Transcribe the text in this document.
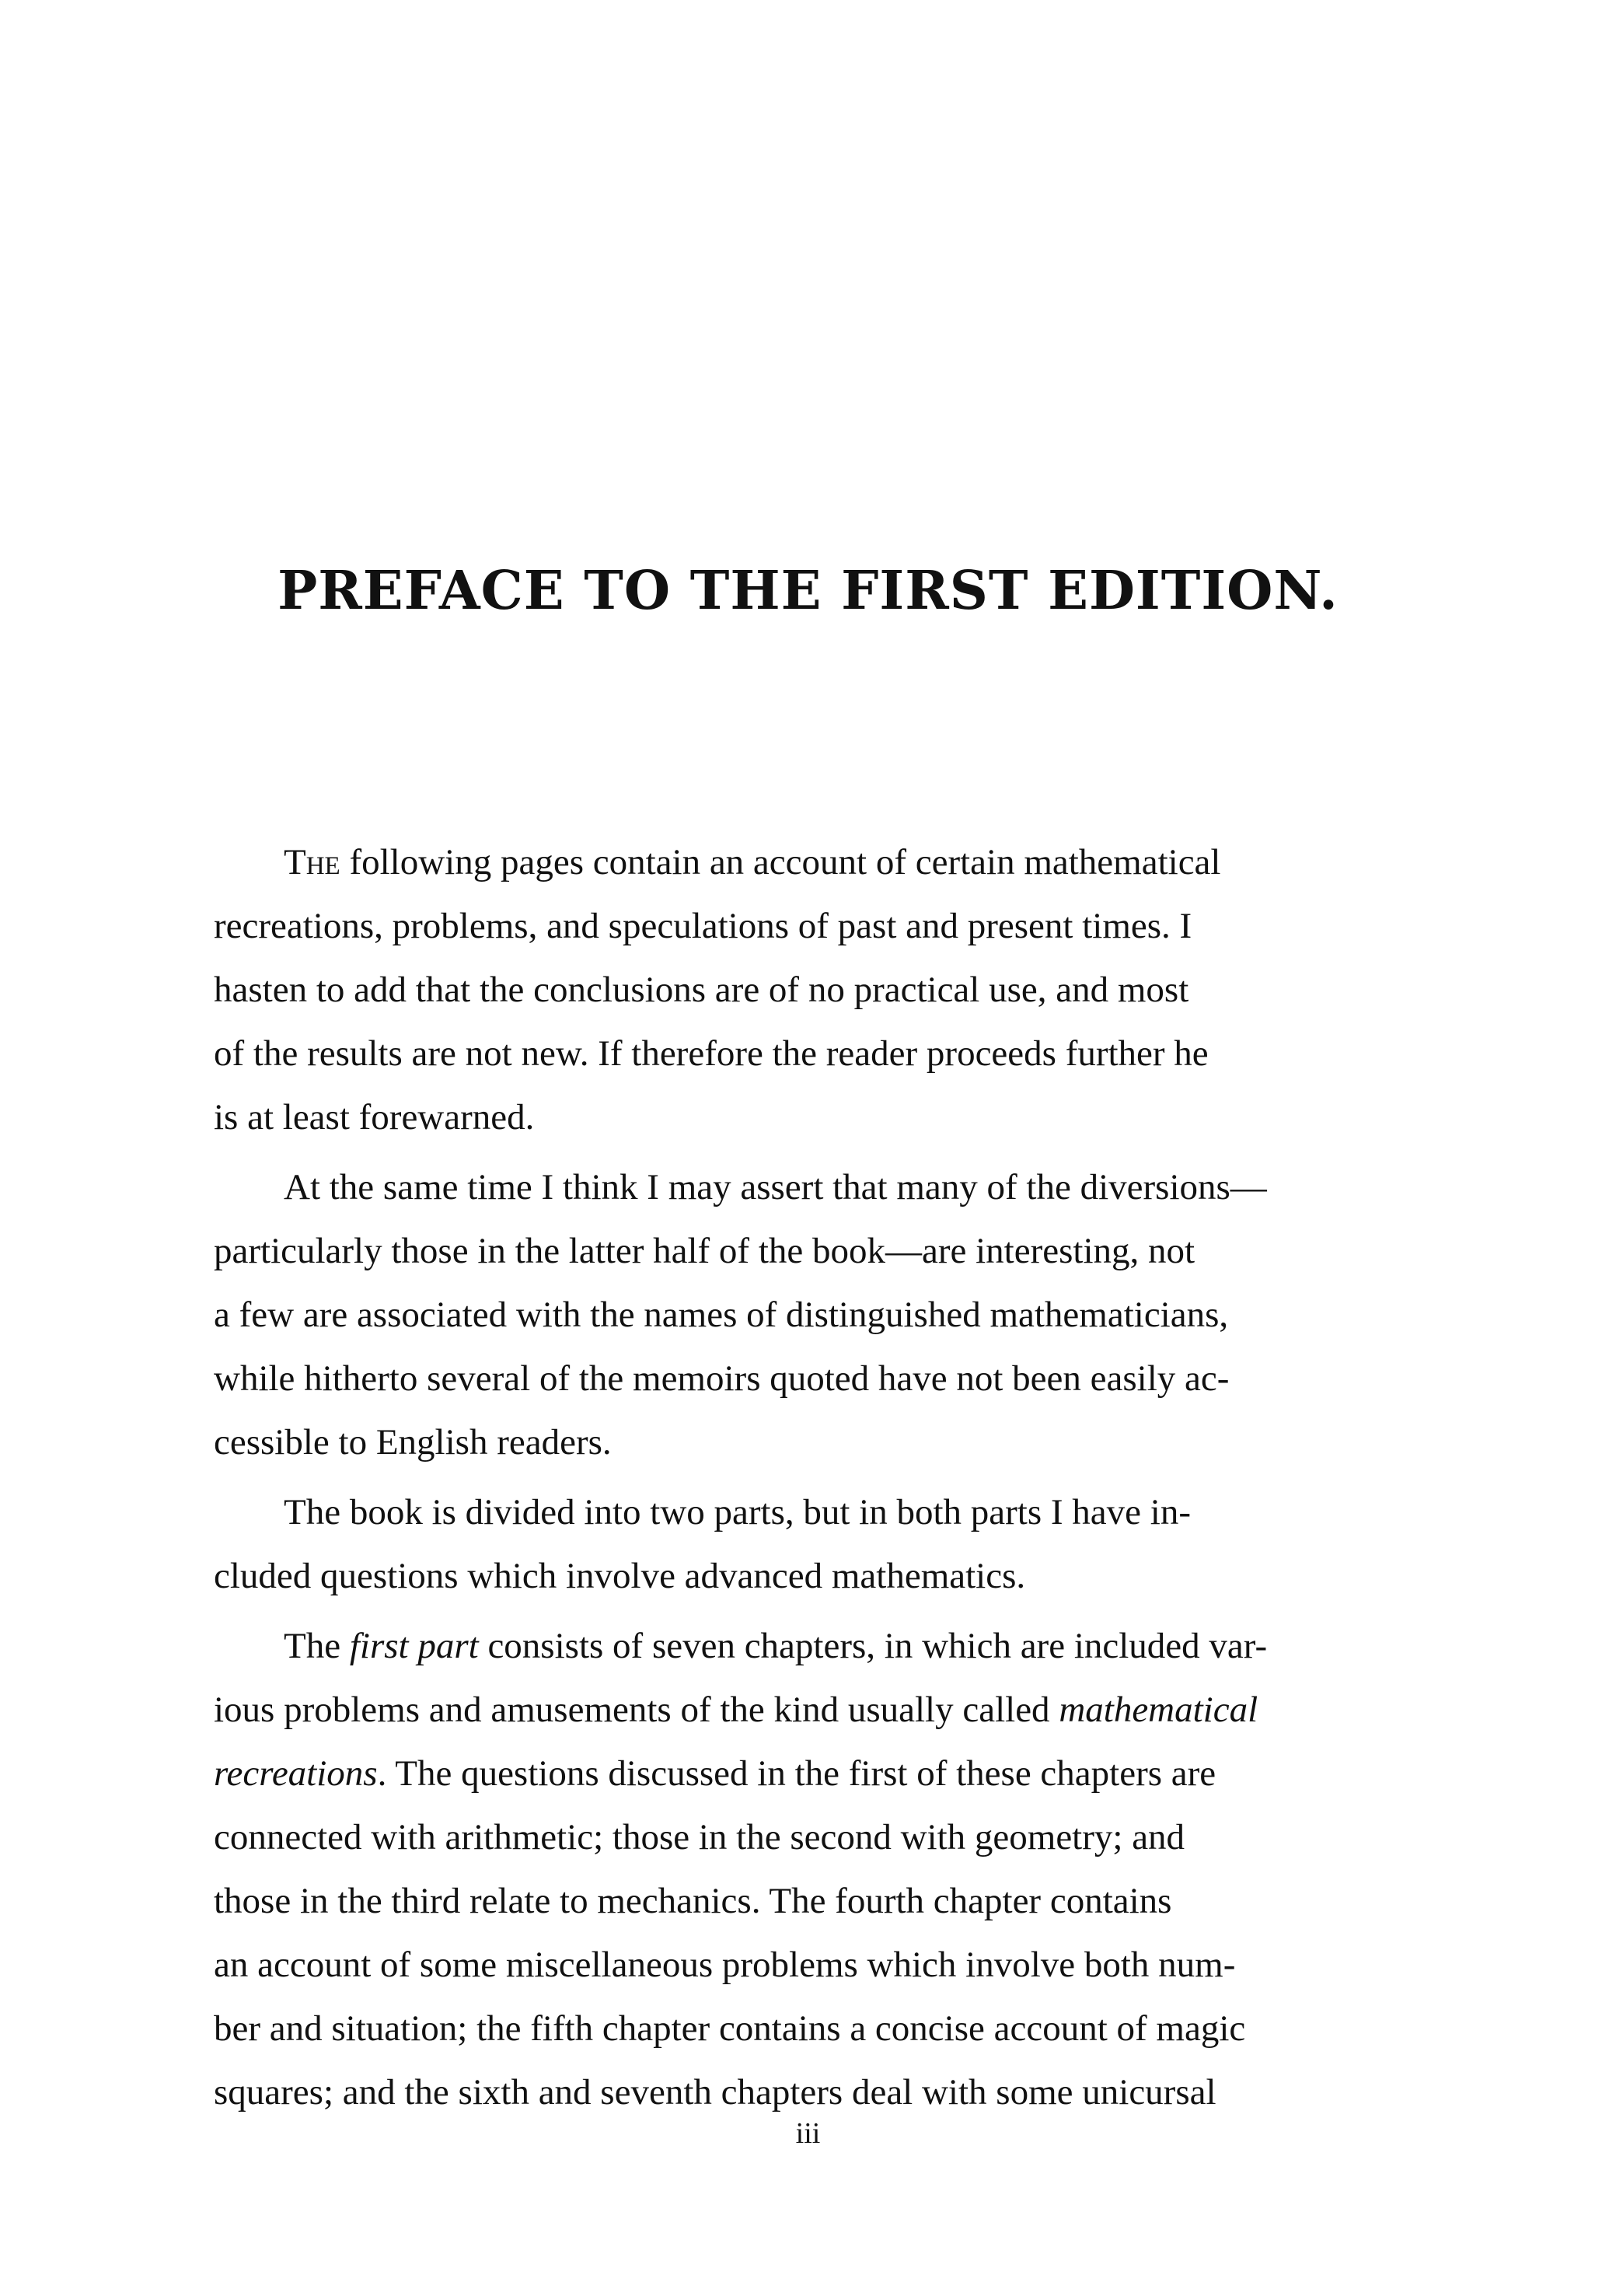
PREFACE TO THE FIRST EDITION.

The following pages contain an account of certain mathematical
recreations, problems, and speculations of past and present times. I
hasten to add that the conclusions are of no practical use, and most
of the results are not new. If therefore the reader proceeds further he
is at least forewarned.

At the same time I think I may assert that many of the diversions—
particularly those in the latter half of the book—are interesting, not
a few are associated with the names of distinguished mathematicians,
while hitherto several of the memoirs quoted have not been easily ac-
cessible to English readers.

The book is divided into two parts, but in both parts I have in-
cluded questions which involve advanced mathematics.

The first part consists of seven chapters, in which are included var-
ious problems and amusements of the kind usually called mathematical
recreations. The questions discussed in the first of these chapters are
connected with arithmetic; those in the second with geometry; and
those in the third relate to mechanics. The fourth chapter contains
an account of some miscellaneous problems which involve both num-
ber and situation; the fifth chapter contains a concise account of magic
squares; and the sixth and seventh chapters deal with some unicursal

iii
